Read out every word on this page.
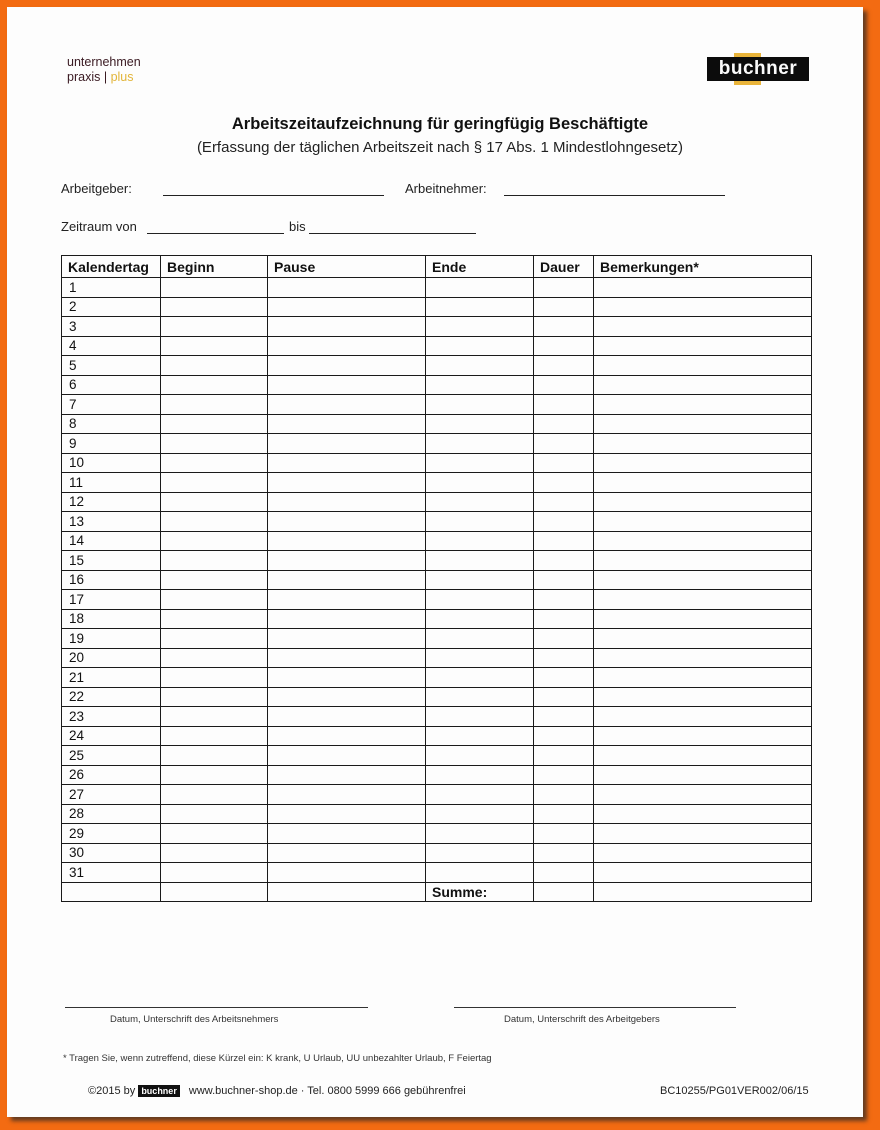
unternehmen
praxis | plus	buchner
Arbeitszeitaufzeichnung für geringfügig Beschäftigte
(Erfassung der täglichen Arbeitszeit nach § 17 Abs. 1 Mindestlohngesetz)
Arbeitgeber:	Arbeitnehmer:
Zeitraum von	bis
Kalendertag	Beginn	Pause	Ende	Dauer	Bemerkungen*
1					
2					
3					
4					
5					
6					
7					
8					
9					
10					
11					
12					
13					
14					
15					
16					
17					
18					
19					
20					
21					
22					
23					
24					
25					
26					
27					
28					
29					
30					
31					
			Summe:		
Datum, Unterschrift des Arbeitsnehmers	Datum, Unterschrift des Arbeitgebers
* Tragen Sie, wenn zutreffend, diese Kürzel ein: K krank, U Urlaub, UU unbezahlter Urlaub, F Feiertag
©2015 by buchner www.buchner-shop.de · Tel. 0800 5999 666 gebührenfrei	BC10255/PG01VER002/06/15
